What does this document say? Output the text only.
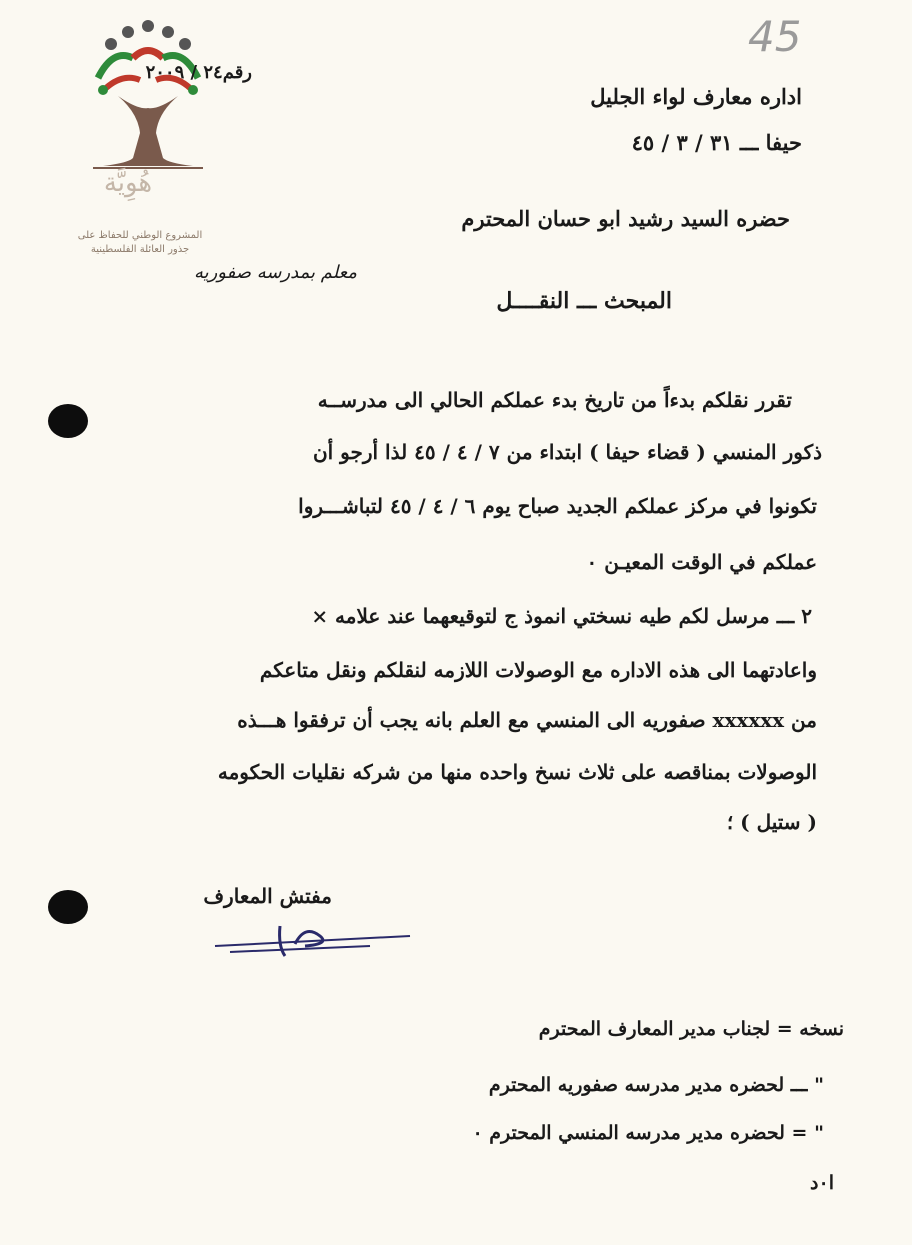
هُوِيَّة
المشروع الوطني للحفاظ على
جذور العائلة الفلسطينية
45
رقم٢٤ / ٢٠٠٩
اداره معارف لواء الجليل
حيفا ـــ ٣١ / ٣ / ٤٥
حضره السيد رشيد ابو حسان المحترم
معلم بمدرسه صفوريه
المبحث ـــ النقــــل
تقرر نقلكم بدءاً من تاريخ بدء عملكم الحالي الى مدرســه
ذكور المنسي ( قضاء حيفا ) ابتداء من ٧ / ٤ / ٤٥ لذا أرجو أن
تكونوا في مركز عملكم الجديد صباح يوم ٦ / ٤ / ٤٥ لتباشـــروا
عملكم في الوقت المعيـن ٠
٢ ـــ مرسل لكم طيه نسختي انموذ ج لتوقيعهما عند علامه ×
واعادتهما الى هذه الاداره مع الوصولات اللازمه لنقلكم ونقل متاعكم
من xxxxxx صفوريه الى المنسي مع العلم بانه يجب أن ترفقوا هـــذه
الوصولات بمناقصه على ثلاث نسخ واحده منها من شركه نقليات الحكومه
( ستيل ) ؛
مفتش المعارف
نسخه = لجناب مدير المعارف المحترم
" ـــ لحضره مدير مدرسه صفوريه المحترم
" = لحضره مدير مدرسه المنسي المحترم ٠
ا٠د
